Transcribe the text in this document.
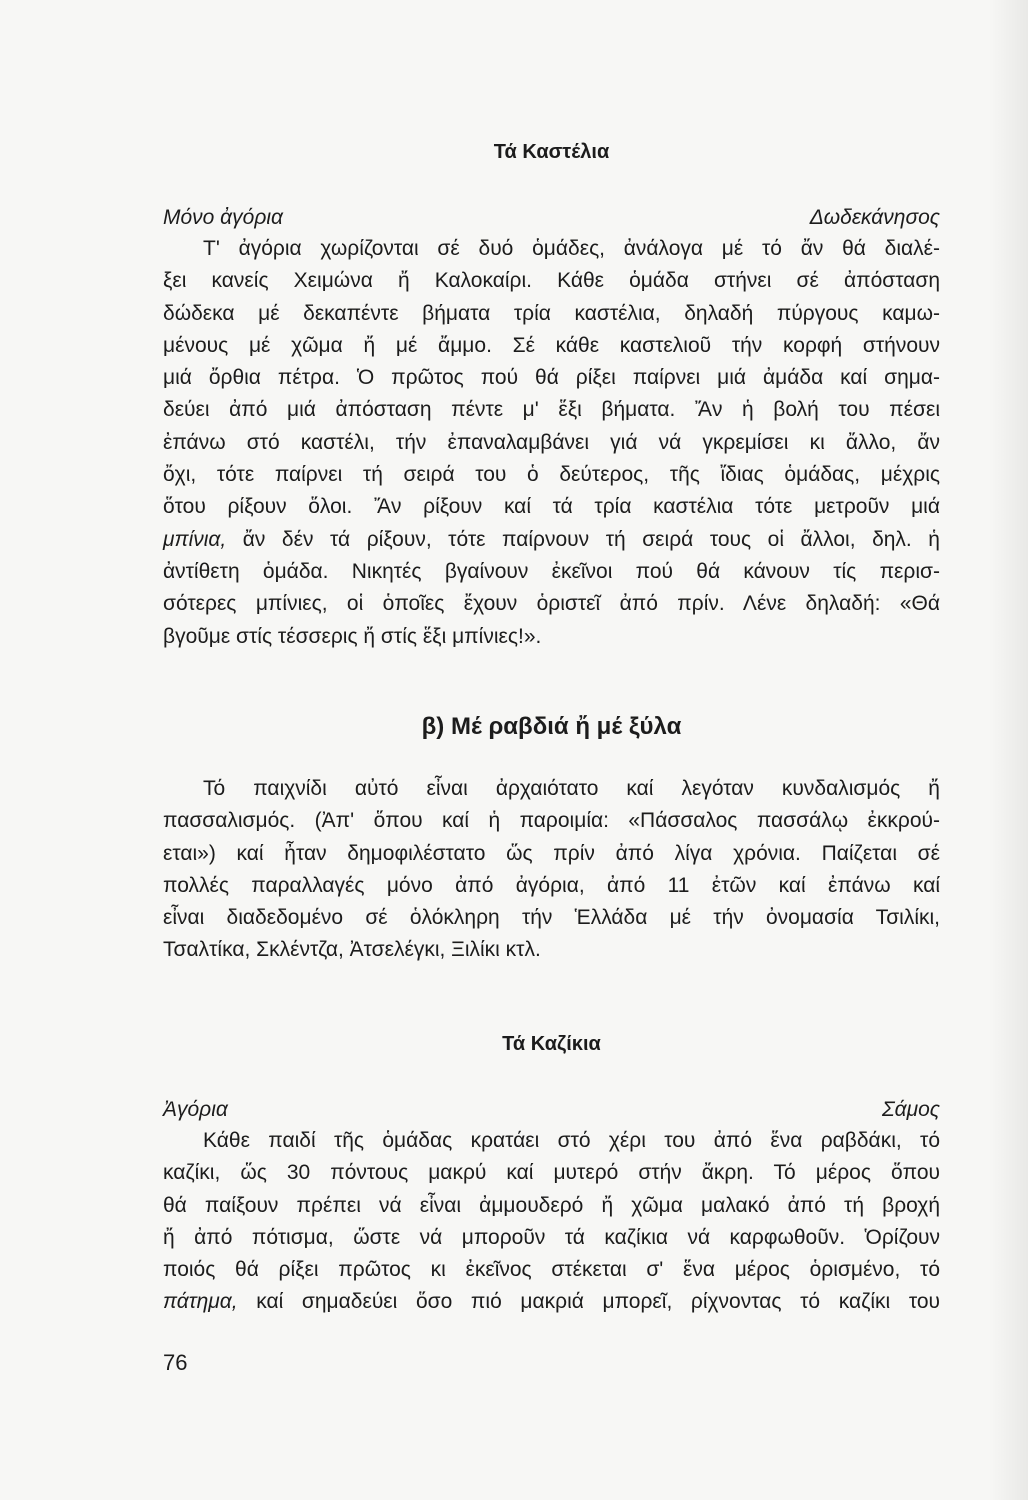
Τά Καστέλια
Μόνο ἀγόρια	Δωδεκάνησος
Τ' ἀγόρια χωρίζονται σέ δυό ὁμάδες, ἀνάλογα μέ τό ἄν θά διαλέ-
ξει κανείς Χειμώνα ἤ Καλοκαίρι. Κάθε ὁμάδα στήνει σέ ἀπόσταση
δώδεκα μέ δεκαπέντε βήματα τρία καστέλια, δηλαδή πύργους καμω-
μένους μέ χῶμα ἤ μέ ἄμμο. Σέ κάθε καστελιοῦ τήν κορφή στήνουν
μιά ὄρθια πέτρα. Ὁ πρῶτος πού θά ρίξει παίρνει μιά ἀμάδα καί σημα-
δεύει ἀπό μιά ἀπόσταση πέντε μ' ἕξι βήματα. Ἄν ἡ βολή του πέσει
ἐπάνω στό καστέλι, τήν ἐπαναλαμβάνει γιά νά γκρεμίσει κι ἄλλο, ἄν
ὄχι, τότε παίρνει τή σειρά του ὁ δεύτερος, τῆς ἴδιας ὁμάδας, μέχρις
ὅτου ρίξουν ὅλοι. Ἄν ρίξουν καί τά τρία καστέλια τότε μετροῦν μιά
μπίνια, ἄν δέν τά ρίξουν, τότε παίρνουν τή σειρά τους οἱ ἄλλοι, δηλ. ἡ
ἀντίθετη ὁμάδα. Νικητές βγαίνουν ἐκεῖνοι πού θά κάνουν τίς περισ-
σότερες μπίνιες, οἱ ὁποῖες ἔχουν ὁριστεῖ ἀπό πρίν. Λένε δηλαδή: «Θά
βγοῦμε στίς τέσσερις ἤ στίς ἕξι μπίνιες!».
β) Μέ ραβδιά ἤ μέ ξύλα
Τό παιχνίδι αὐτό εἶναι ἀρχαιότατο καί λεγόταν κυνδαλισμός ἤ
πασσαλισμός. (Ἀπ' ὅπου καί ἡ παροιμία: «Πάσσαλος πασσάλῳ ἐκκρού-
εται») καί ἦταν δημοφιλέστατο ὥς πρίν ἀπό λίγα χρόνια. Παίζεται σέ
πολλές παραλλαγές μόνο ἀπό ἀγόρια, ἀπό 11 ἐτῶν καί ἐπάνω καί
εἶναι διαδεδομένο σέ ὁλόκληρη τήν Ἑλλάδα μέ τήν ὀνομασία Τσιλίκι,
Τσαλτίκα, Σκλέντζα, Ἀτσελέγκι, Ξιλίκι κτλ.
Τά Καζίκια
Ἀγόρια	Σάμος
Κάθε παιδί τῆς ὁμάδας κρατάει στό χέρι του ἀπό ἕνα ραβδάκι, τό
καζίκι, ὥς 30 πόντους μακρύ καί μυτερό στήν ἄκρη. Τό μέρος ὅπου
θά παίξουν πρέπει νά εἶναι ἀμμουδερό ἤ χῶμα μαλακό ἀπό τή βροχή
ἤ ἀπό πότισμα, ὥστε νά μποροῦν τά καζίκια νά καρφωθοῦν. Ὁρίζουν
ποιός θά ρίξει πρῶτος κι ἐκεῖνος στέκεται σ' ἕνα μέρος ὁρισμένο, τό
πάτημα, καί σημαδεύει ὅσο πιό μακριά μπορεῖ, ρίχνοντας τό καζίκι του
76
